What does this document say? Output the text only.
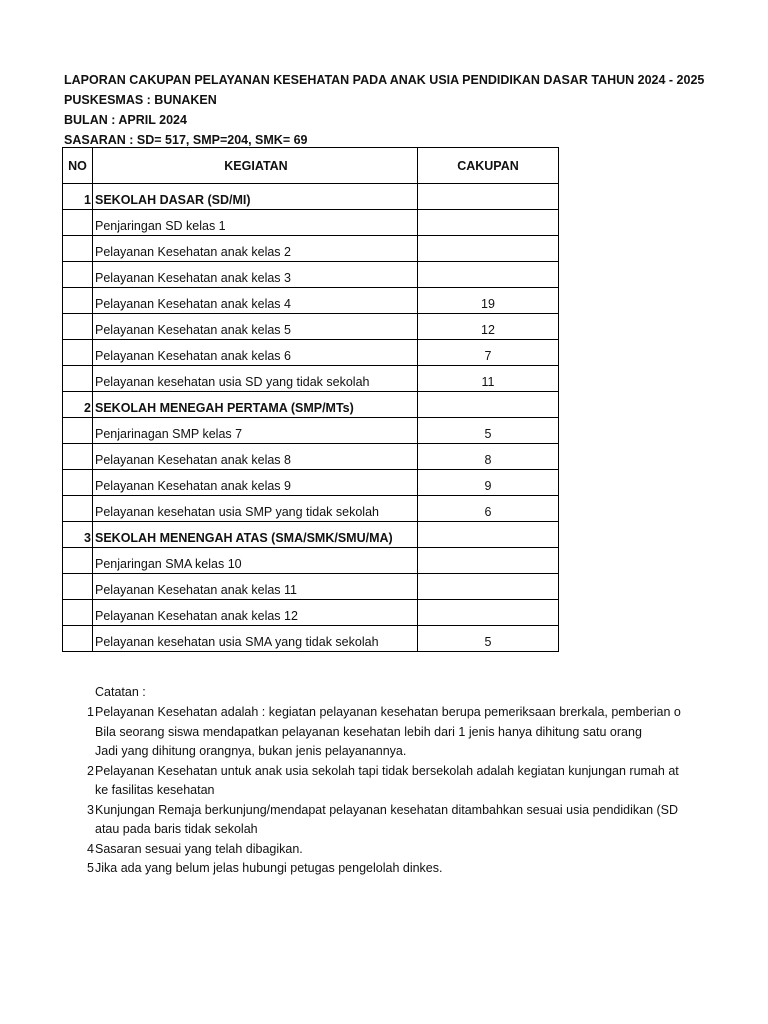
LAPORAN CAKUPAN PELAYANAN KESEHATAN PADA ANAK USIA PENDIDIKAN DASAR TAHUN 2024 - 2025
PUSKESMAS : BUNAKEN
BULAN : APRIL 2024
SASARAN : SD= 517, SMP=204, SMK= 69
NO	KEGIATAN	CAKUPAN
1	SEKOLAH DASAR (SD/MI)	
	Penjaringan SD kelas 1	
	Pelayanan Kesehatan anak kelas 2	
	Pelayanan Kesehatan anak kelas 3	
	Pelayanan Kesehatan anak kelas 4	19
	Pelayanan Kesehatan anak kelas 5	12
	Pelayanan Kesehatan anak kelas 6	7
	Pelayanan kesehatan usia SD yang tidak sekolah	11
2	SEKOLAH MENEGAH PERTAMA (SMP/MTs)	
	Penjarinagan SMP kelas 7	5
	Pelayanan Kesehatan anak kelas 8	8
	Pelayanan Kesehatan anak kelas 9	9
	Pelayanan kesehatan usia SMP yang tidak sekolah	6
3	SEKOLAH MENENGAH ATAS (SMA/SMK/SMU/MA)	
	Penjaringan SMA kelas 10	
	Pelayanan Kesehatan anak kelas 11	
	Pelayanan Kesehatan anak kelas 12	
	Pelayanan kesehatan usia SMA yang tidak sekolah	5
Catatan :
1 Pelayanan Kesehatan adalah : kegiatan pelayanan kesehatan berupa pemeriksaan brerkala, pemberian o
Bila seorang siswa mendapatkan pelayanan kesehatan lebih dari 1 jenis hanya dihitung satu orang
Jadi yang dihitung orangnya, bukan jenis pelayanannya.
2 Pelayanan Kesehatan untuk anak usia sekolah tapi tidak bersekolah adalah kegiatan kunjungan rumah at
ke fasilitas kesehatan
3 Kunjungan Remaja berkunjung/mendapat pelayanan kesehatan ditambahkan sesuai usia pendidikan (SD
atau pada baris tidak sekolah
4 Sasaran sesuai yang telah dibagikan.
5 Jika ada yang belum jelas hubungi petugas pengelolah dinkes.
